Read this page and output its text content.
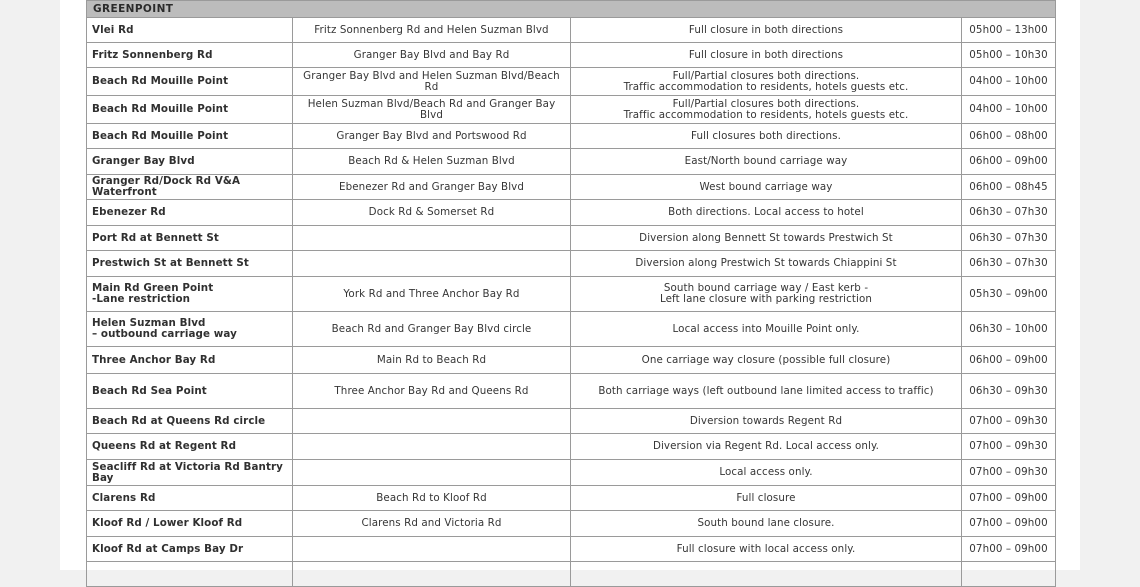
GREENPOINT			

Vlei Rd	Fritz Sonnenberg Rd and Helen Suzman Blvd	Full closure in both directions	05h00 – 13h00

Fritz Sonnenberg Rd	Granger Bay Blvd and Bay Rd	Full closure in both directions	05h00 – 10h30

Beach Rd Mouille Point	Granger Bay Blvd and Helen Suzman Blvd/Beach Rd	Full/Partial closures both directions.
Traffic accommodation to residents, hotels guests etc.	04h00 – 10h00

Beach Rd Mouille Point	Helen Suzman Blvd/Beach Rd and Granger Bay Blvd	Full/Partial closures both directions.
Traffic accommodation to residents, hotels guests etc.	04h00 – 10h00

Beach Rd Mouille Point	Granger Bay Blvd and Portswood Rd	Full closures both directions.	06h00 – 08h00

Granger Bay Blvd	Beach Rd & Helen Suzman Blvd	East/North bound carriage way	06h00 – 09h00

Granger Rd/Dock Rd V&A Waterfront	Ebenezer Rd and Granger Bay Blvd	West bound carriage way	06h00 – 08h45

Ebenezer Rd	Dock Rd & Somerset Rd	Both directions. Local access to hotel	06h30 – 07h30

Port Rd at Bennett St		Diversion along Bennett St towards Prestwich St	06h30 – 07h30

Prestwich St at Bennett St		Diversion along Prestwich St towards Chiappini St	06h30 – 07h30

Main Rd Green Point
-Lane restriction	York Rd and Three Anchor Bay Rd	South bound carriage way / East kerb -
Left lane closure with parking restriction	05h30 – 09h00

Helen Suzman Blvd
– outbound carriage way	Beach Rd and Granger Bay Blvd circle	Local access into Mouille Point only.	06h30 – 10h00

Three Anchor Bay Rd	Main Rd to Beach Rd	One carriage way closure (possible full closure)	06h00 – 09h00

Beach Rd Sea Point	Three Anchor Bay Rd and Queens Rd	Both carriage ways (left outbound lane limited access to traffic)	06h30 – 09h30

Beach Rd at Queens Rd circle		Diversion towards Regent Rd	07h00 – 09h30

Queens Rd at Regent Rd		Diversion via Regent Rd. Local access only.	07h00 – 09h30

Seacliff Rd at Victoria Rd Bantry Bay		Local access only.	07h00 – 09h30

Clarens Rd	Beach Rd to Kloof Rd	Full closure	07h00 – 09h00

Kloof Rd / Lower Kloof Rd	Clarens Rd and Victoria Rd	South bound lane closure.	07h00 – 09h00

Kloof Rd at Camps Bay Dr		Full closure with local access only.	07h00 – 09h00
